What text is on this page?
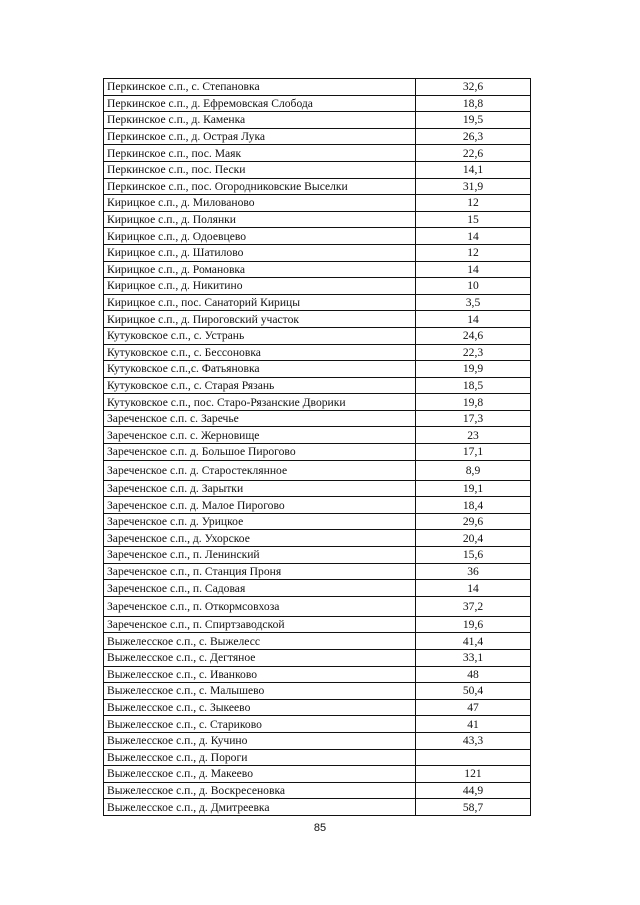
Перкинское с.п., с. Степановка	32,6
Перкинское с.п., д. Ефремовская Слобода	18,8
Перкинское с.п., д. Каменка	19,5
Перкинское с.п., д. Острая Лука	26,3
Перкинское с.п., пос. Маяк	22,6
Перкинское с.п., пос. Пески	14,1
Перкинское с.п., пос. Огородниковские Выселки	31,9
Кирицкое с.п., д. Милованово	12
Кирицкое с.п., д. Полянки	15
Кирицкое с.п., д. Одоевцево	14
Кирицкое с.п., д. Шатилово	12
Кирицкое с.п., д. Романовка	14
Кирицкое с.п., д. Никитино	10
Кирицкое с.п., пос. Санаторий Кирицы	3,5
Кирицкое с.п., д. Пироговский участок	14
Кутуковское с.п., с. Устрань	24,6
Кутуковское с.п., с. Бессоновка	22,3
Кутуковское с.п.,с. Фатьяновка	19,9
Кутуковское с.п., с. Старая Рязань	18,5
Кутуковское с.п., пос. Старо-Рязанские Дворики	19,8
Зареченское с.п. с. Заречье	17,3
Зареченское с.п. с. Жерновище	23
Зареченское с.п. д. Большое Пирогово	17,1
Зареченское с.п. д. Старостеклянное	8,9
Зареченское с.п. д. Зарытки	19,1
Зареченское с.п. д. Малое Пирогово	18,4
Зареченское с.п. д. Урицкое	29,6
Зареченское с.п., д. Ухорское	20,4
Зареченское с.п., п. Ленинский	15,6
Зареченское с.п., п. Станция Проня	36
Зареченское с.п., п. Садовая	14
Зареченское с.п., п. Откормсовхоза	37,2
Зареченское с.п., п. Спиртзаводской	19,6
Выжелесское с.п., с. Выжелесс	41,4
Выжелесское с.п., с. Дегтяное	33,1
Выжелесское с.п., с. Иванково	48
Выжелесское с.п., с. Малышево	50,4
Выжелесское с.п., с. Зыкеево	47
Выжелесское с.п., с. Стариково	41
Выжелесское с.п., д. Кучино	43,3
Выжелесское с.п., д. Пороги	
Выжелесское с.п., д. Макеево	121
Выжелесское с.п., д. Воскресеновка	44,9
Выжелесское с.п., д. Дмитреевка	58,7
85
